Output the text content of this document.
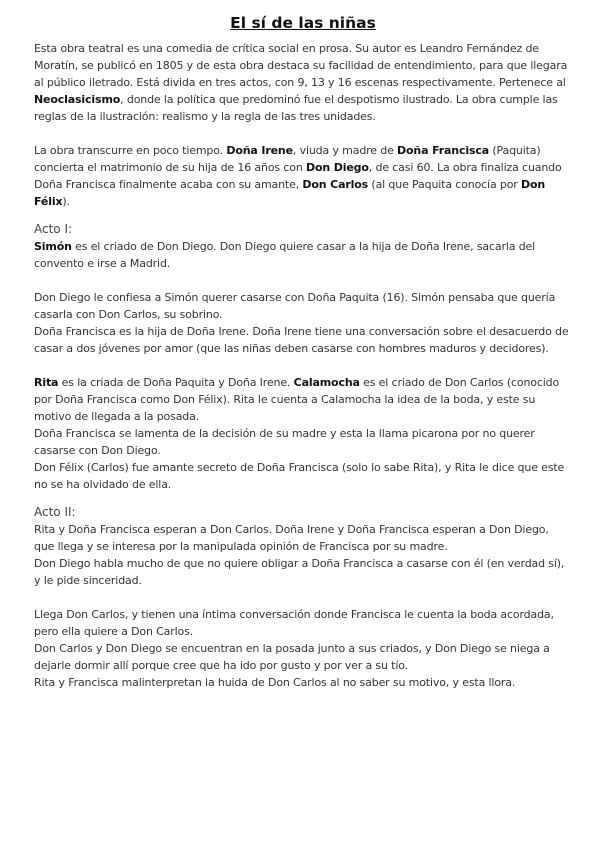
El sí de las niñas

Esta obra teatral es una comedia de crítica social en prosa. Su autor es Leandro Fernández de Moratín, se publicó en 1805 y de esta obra destaca su facilidad de entendimiento, para que llegara al público iletrado. Está divida en tres actos, con 9, 13 y 16 escenas respectivamente. Pertenece al Neoclasicismo, donde la política que predominó fue el despotismo ilustrado. La obra cumple las reglas de la ilustración: realismo y la regla de las tres unidades.

La obra transcurre en poco tiempo. Doña Irene, viuda y madre de Doña Francisca (Paquita) concierta el matrimonio de su hija de 16 años con Don Diego, de casi 60. La obra finaliza cuando Doña Francisca finalmente acaba con su amante, Don Carlos (al que Paquita conocía por Don Félix).

Acto I:

Simón es el criado de Don Diego. Don Diego quiere casar a la hija de Doña Irene, sacarla del convento e irse a Madrid.

Don Diego le confiesa a Simón querer casarse con Doña Paquita (16). Simón pensaba que quería casarla con Don Carlos, su sobrino.

Doña Francisca es la hija de Doña Irene. Doña Irene tiene una conversación sobre el desacuerdo de casar a dos jóvenes por amor (que las niñas deben casarse con hombres maduros y decidores).

Rita es la criada de Doña Paquita y Doña Irene. Calamocha es el criado de Don Carlos (conocido por Doña Francisca como Don Félix). Rita le cuenta a Calamocha la idea de la boda, y este su motivo de llegada a la posada.

Doña Francisca se lamenta de la decisión de su madre y esta la llama picarona por no querer casarse con Don Diego.

Don Félix (Carlos) fue amante secreto de Doña Francisca (solo lo sabe Rita), y Rita le dice que este no se ha olvidado de ella.

Acto II:

Rita y Doña Francisca esperan a Don Carlos. Doña Irene y Doña Francisca esperan a Don Diego, que llega y se interesa por la manipulada opinión de Francisca por su madre.

Don Diego habla mucho de que no quiere obligar a Doña Francisca a casarse con él (en verdad sí), y le pide sinceridad.

Llega Don Carlos, y tienen una íntima conversación donde Francisca le cuenta la boda acordada, pero ella quiere a Don Carlos.

Don Carlos y Don Diego se encuentran en la posada junto a sus criados, y Don Diego se niega a dejarle dormir allí porque cree que ha ido por gusto y por ver a su tío.

Rita y Francisca malinterpretan la huida de Don Carlos al no saber su motivo, y esta llora.
